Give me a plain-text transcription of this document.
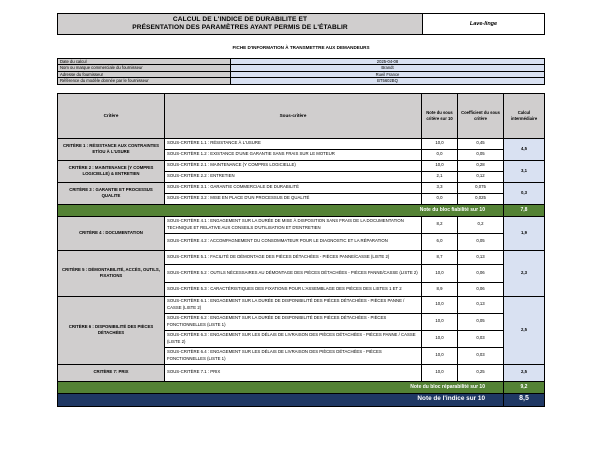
CALCUL DE L'INDICE DE DURABILITE ET
PRÉSENTATION DES PARAMÈTRES AYANT PERMIS DE L'ÉTABLIR	Lave-linge
FICHE D'INFORMATION À TRANSMETTRE AUX DEMANDEURS
Date du calcul	2025-04-08
Nom ou marque commerciale du fournisseur	Brandt
Adresse du fournisseur	Rueil France
Référence du modèle donnée par le fournisseur	BT5602BQ
Critère	Sous-critère	Note du sous critère sur 10	Coefficient du sous critère	Calcul intermédiaire
CRITÈRE 1 : RÉSISTANCE AUX CONTRAINTES ET/OU À L'USURE	SOUS-CRITÈRE 1.1 : RÉSISTANCE À L'USURE	10,0	0,45	4,5
	SOUS-CRITÈRE 1.2 : EXISTANCE D'UNE GARANTIE SANS FRAIS SUR LE MOTEUR	0,0	0,05	
CRITÈRE 2 : MAINTENANCE (Y COMPRIS LOGICIELLE) & ENTRETIEN	SOUS-CRITÈRE 2.1 : MAINTENANCE (Y COMPRIS LOGICIELLE)	10,0	0,28	3,1
	SOUS-CRITÈRE 2.2 : ENTRETIEN	2,1	0,12	
CRITÈRE 3 : GARANTIE ET PROCESSUS QUALITE	SOUS-CRITÈRE 3.1 : GARANTIE COMMERCIALE DE DURABILITÉ	3,3	0,075	0,3
	SOUS-CRITÈRE 3.2 : MISE EN PLACE D'UN PROCESSUS DE QUALITÉ	0,0	0,025	
Note du bloc fiabilité sur 10				7,8
CRITÈRE 4 : DOCUMENTATION	SOUS-CRITÈRE 4.1 : ENGAGEMENT SUR LA DURÉE DE MISE À DISPOSITION SANS FRAIS DE LA DOCUMENTATION TECHNIQUE ET RELATIVE AUX CONSEILS D'UTILISATION ET D'ENTRETIEN	8,2	0,2	1,9
	SOUS-CRITÈRE 4.2 : ACCOMPAGNEMENT DU CONSOMMATEUR POUR LE DIAGNOSTIC ET LA RÉPARATION	6,0	0,05	
CRITÈRE 5 : DÉMONTABILITÉ, ACCÈS, OUTILS, FIXATIONS	SOUS-CRITÈRE 5.1 : FACILITÉ DE DÉMONTAGE DES PIÈCES DÉTACHÉES - PIÈCES PANNE/CASSE (LISTE 2)	8,7	0,13	2,3
	SOUS-CRITÈRE 5.2 : OUTILS NÉCESSAIRES AU DÉMONTAGE DES PIÈCES DÉTACHÉES - PIÈCES PANNE/CASSE (LISTE 2)	10,0	0,06	
	SOUS-CRITÈRE 5.3 : CARACTÉRISTIQUES DES FIXATIONS POUR L'ASSEMBLAGE DES PIÈCES DES LISTES 1 ET 2	8,9	0,06	
CRITÈRE 6 : DISPONIBILITÉ DES PIÈCES DÉTACHÉES	SOUS-CRITÈRE 6.1 : ENGAGEMENT SUR LA DURÉE DE DISPONIBILITÉ DES PIÈCES DÉTACHÉES - PIÈCES PANNE / CASSE (LISTE 2)	10,0	0,13	2,5
	SOUS-CRITÈRE 6.2 : ENGAGEMENT SUR LA DURÉE DE DISPONIBILITÉ DES PIÈCES DÉTACHÉES - PIÈCES FONCTIONNELLES (LISTE 1)	10,0	0,05	
	SOUS-CRITÈRE 6.3 : ENGAGEMENT SUR LES DÉLAIS DE LIVRAISON DES PIÈCES DÉTACHÉES - PIÈCES PANNE / CASSE (LISTE 2)	10,0	0,03	
	SOUS-CRITÈRE 6.4 : ENGAGEMENT SUR LES DÉLAIS DE LIVRAISON DES PIÈCES DÉTACHÉES - PIÈCES FONCTIONNELLES (LISTE 1)	10,0	0,03	
CRITÈRE 7: PRIX	SOUS-CRITÈRE 7.1 : PRIX	10,0	0,25	2,5
Note du bloc réparabilité sur 10				9,2
Note de l'indice sur 10				8,5
